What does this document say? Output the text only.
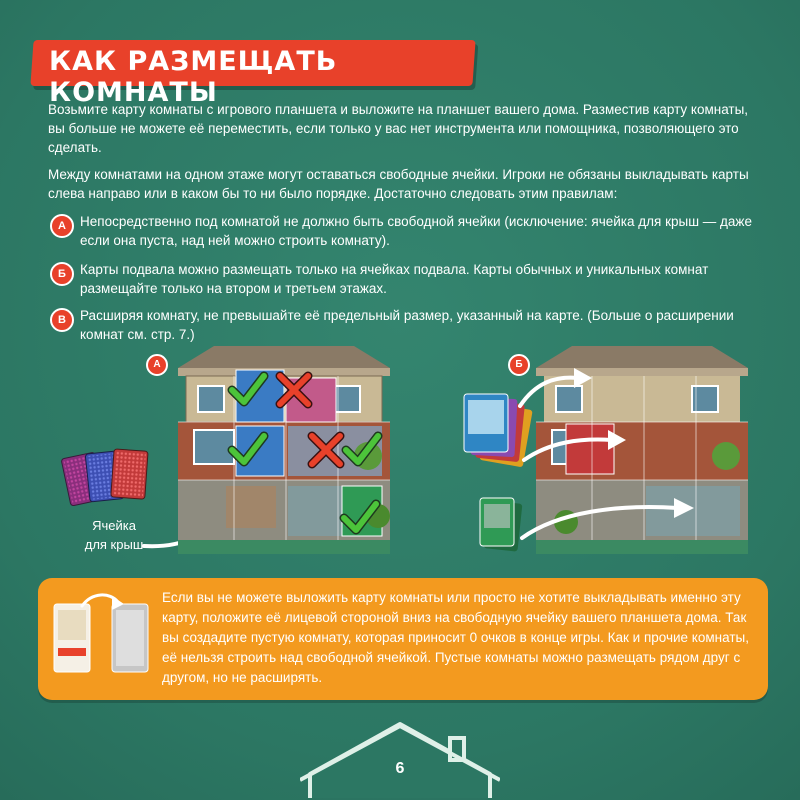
КАК РАЗМЕЩАТЬ КОМНАТЫ
Возьмите карту комнаты с игрового планшета и выложите на планшет вашего дома. Разместив карту комнаты, вы больше не можете её переместить, если только у вас нет инструмента или помощника, позволяющего это сделать.
Между комнатами на одном этаже могут оставаться свободные ячейки. Игроки не обязаны выкладывать карты слева направо или в каком бы то ни было порядке. Достаточно следовать этим правилам:
А	Непосредственно под комнатой не должно быть свободной ячейки (исключение: ячейка для крыш — даже если она пуста, над ней можно строить комнату).
Б	Карты подвала можно размещать только на ячейках подвала. Карты обычных и уникальных комнат размещайте только на втором и третьем этажах.
В	Расширяя комнату, не превышайте её предельный размер, указанный на карте. (Больше о расширении комнат см. стр. 7.)
А	Б
Ячейка
для крыш
Если вы не можете выложить карту комнаты или просто не хотите выкладывать именно эту карту, положите её лицевой стороной вниз на свободную ячейку вашего планшета дома. Так вы создадите пустую комнату, которая приносит 0 очков в конце игры. Как и прочие комнаты, её нельзя строить над свободной ячейкой. Пустые комнаты можно размещать рядом друг с другом, но не расширять.
6
